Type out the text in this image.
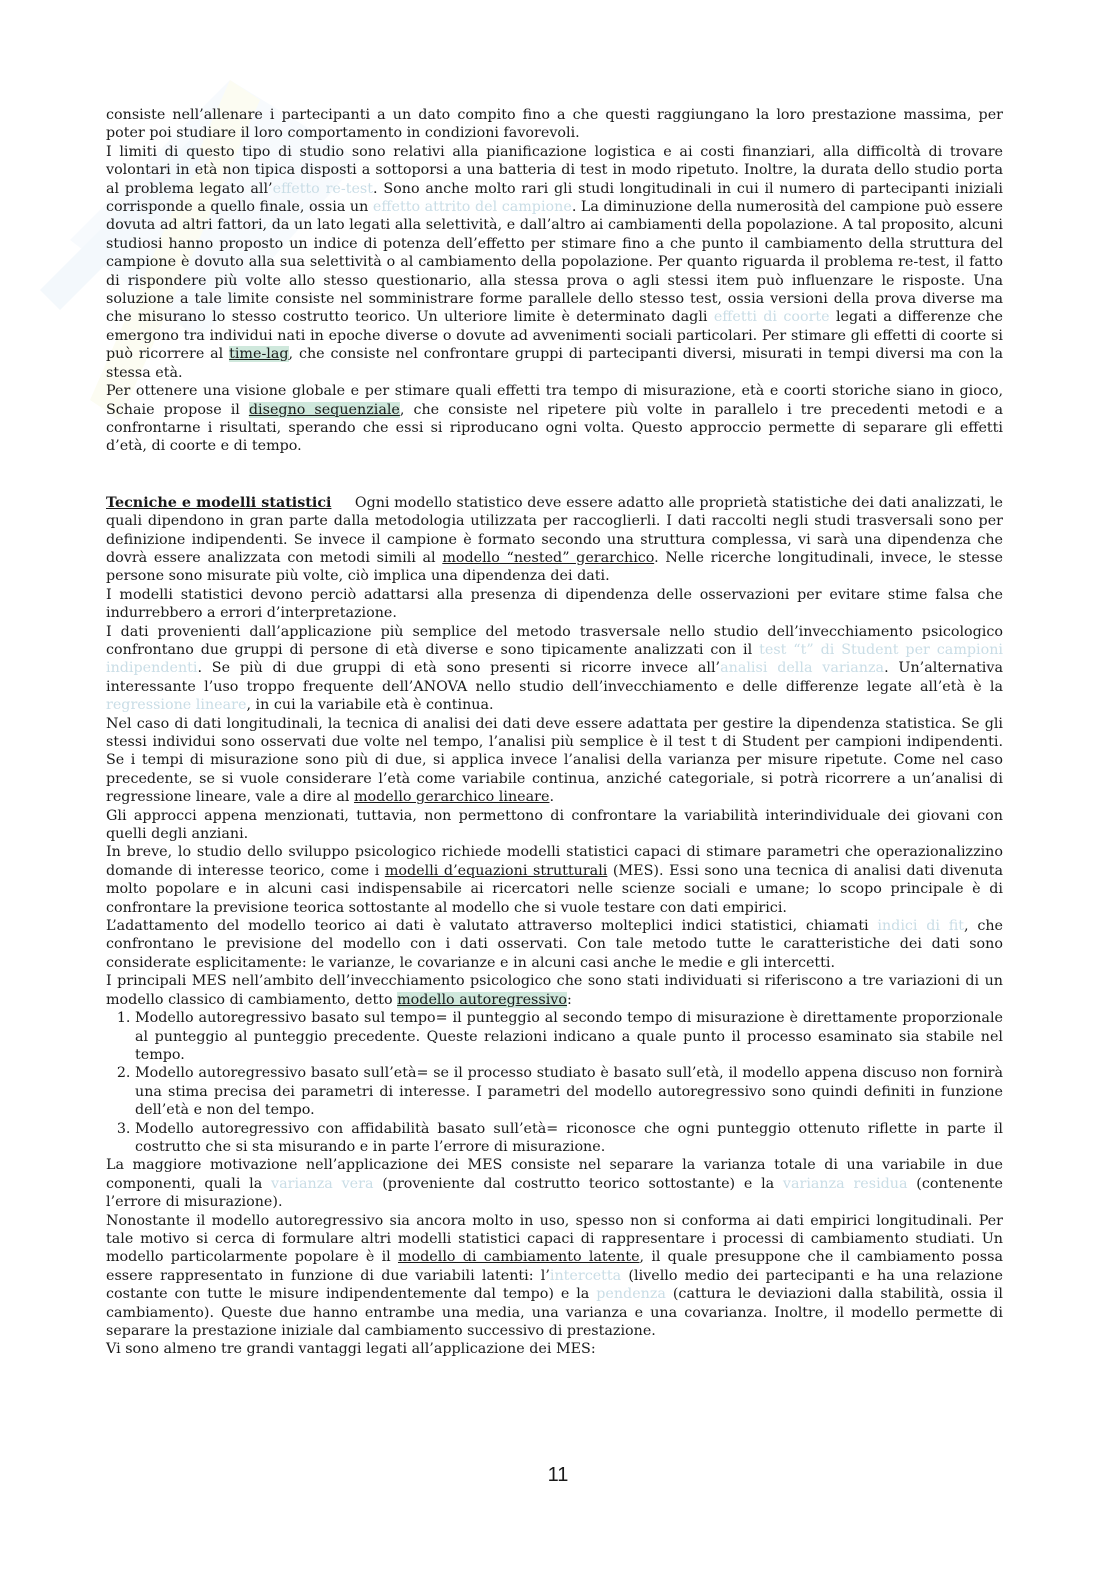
consiste nell’allenare i partecipanti a un dato compito fino a che questi raggiungano la loro prestazione massima, per poter poi studiare il loro comportamento in condizioni favorevoli.

I limiti di questo tipo di studio sono relativi alla pianificazione logistica e ai costi finanziari, alla difficoltà di trovare volontari in età non tipica disposti a sottoporsi a una batteria di test in modo ripetuto. Inoltre, la durata dello studio porta al problema legato all’effetto re-test. Sono anche molto rari gli studi longitudinali in cui il numero di partecipanti iniziali corrisponde a quello finale, ossia un effetto attrito del campione. La diminuzione della numerosità del campione può essere dovuta ad altri fattori, da un lato legati alla selettività, e dall’altro ai cambiamenti della popolazione. A tal proposito, alcuni studiosi hanno proposto un indice di potenza dell’effetto per stimare fino a che punto il cambiamento della struttura del campione è dovuto alla sua selettività o al cambiamento della popolazione. Per quanto riguarda il problema re-test, il fatto di rispondere più volte allo stesso questionario, alla stessa prova o agli stessi item può influenzare le risposte. Una soluzione a tale limite consiste nel somministrare forme parallele dello stesso test, ossia versioni della prova diverse ma che misurano lo stesso costrutto teorico. Un ulteriore limite è determinato dagli effetti di coorte legati a differenze che emergono tra individui nati in epoche diverse o dovute ad avvenimenti sociali particolari. Per stimare gli effetti di coorte si può ricorrere al time-lag, che consiste nel confrontare gruppi di partecipanti diversi, misurati in tempi diversi ma con la stessa età.

Per ottenere una visione globale e per stimare quali effetti tra tempo di misurazione, età e coorti storiche siano in gioco, Schaie propose il disegno sequenziale, che consiste nel ripetere più volte in parallelo i tre precedenti metodi e a confrontarne i risultati, sperando che essi si riproducano ogni volta. Questo approccio permette di separare gli effetti d’età, di coorte e di tempo.

Tecniche e modelli statistici     Ogni modello statistico deve essere adatto alle proprietà statistiche dei dati analizzati, le quali dipendono in gran parte dalla metodologia utilizzata per raccoglierli. I dati raccolti negli studi trasversali sono per definizione indipendenti. Se invece il campione è formato secondo una struttura complessa, vi sarà una dipendenza che dovrà essere analizzata con metodi simili al modello “nested” gerarchico. Nelle ricerche longitudinali, invece, le stesse persone sono misurate più volte, ciò implica una dipendenza dei dati.

I modelli statistici devono perciò adattarsi alla presenza di dipendenza delle osservazioni per evitare stime falsa che indurrebbero a errori d’interpretazione.

I dati provenienti dall’applicazione più semplice del metodo trasversale nello studio dell’invecchiamento psicologico confrontano due gruppi di persone di età diverse e sono tipicamente analizzati con il test “t” di Student per campioni indipendenti. Se più di due gruppi di età sono presenti si ricorre invece all’analisi della varianza. Un’alternativa interessante l’uso troppo frequente dell’ANOVA nello studio dell’invecchiamento e delle differenze legate all’età è la regressione lineare, in cui la variabile età è continua.

Nel caso di dati longitudinali, la tecnica di analisi dei dati deve essere adattata per gestire la dipendenza statistica. Se gli stessi individui sono osservati due volte nel tempo, l’analisi più semplice è il test t di Student per campioni indipendenti. Se i tempi di misurazione sono più di due, si applica invece l’analisi della varianza per misure ripetute. Come nel caso precedente, se si vuole considerare l’età come variabile continua, anziché categoriale, si potrà ricorrere a un’analisi di regressione lineare, vale a dire al modello gerarchico lineare.

Gli approcci appena menzionati, tuttavia, non permettono di confrontare la variabilità interindividuale dei giovani con quelli degli anziani.

In breve, lo studio dello sviluppo psicologico richiede modelli statistici capaci di stimare parametri che operazionalizzino domande di interesse teorico, come i modelli d’equazioni strutturali (MES). Essi sono una tecnica di analisi dati divenuta molto popolare e in alcuni casi indispensabile ai ricercatori nelle scienze sociali e umane; lo scopo principale è di confrontare la previsione teorica sottostante al modello che si vuole testare con dati empirici.

L’adattamento del modello teorico ai dati è valutato attraverso molteplici indici statistici, chiamati indici di fit, che confrontano le previsione del modello con i dati osservati. Con tale metodo tutte le caratteristiche dei dati sono considerate esplicitamente: le varianze, le covarianze e in alcuni casi anche le medie e gli intercetti.

I principali MES nell’ambito dell’invecchiamento psicologico che sono stati individuati si riferiscono a tre variazioni di un modello classico di cambiamento, detto modello autoregressivo:

1. Modello autoregressivo basato sul tempo= il punteggio al secondo tempo di misurazione è direttamente proporzionale al punteggio al punteggio precedente. Queste relazioni indicano a quale punto il processo esaminato sia stabile nel tempo.
2. Modello autoregressivo basato sull’età= se il processo studiato è basato sull’età, il modello appena discuso non fornirà una stima precisa dei parametri di interesse. I parametri del modello autoregressivo sono quindi definiti in funzione dell’età e non del tempo.
3. Modello autoregressivo con affidabilità basato sull’età= riconosce che ogni punteggio ottenuto riflette in parte il costrutto che si sta misurando e in parte l’errore di misurazione.

La maggiore motivazione nell’applicazione dei MES consiste nel separare la varianza totale di una variabile in due componenti, quali la varianza vera (proveniente dal costrutto teorico sottostante) e la varianza residua (contenente l’errore di misurazione).

Nonostante il modello autoregressivo sia ancora molto in uso, spesso non si conforma ai dati empirici longitudinali. Per tale motivo si cerca di formulare altri modelli statistici capaci di rappresentare i processi di cambiamento studiati. Un modello particolarmente popolare è il modello di cambiamento latente, il quale presuppone che il cambiamento possa essere rappresentato in funzione di due variabili latenti: l’intercetta (livello medio dei partecipanti e ha una relazione costante con tutte le misure indipendentemente dal tempo) e la pendenza (cattura le deviazioni dalla stabilità, ossia il cambiamento). Queste due hanno entrambe una media, una varianza e una covarianza. Inoltre, il modello permette di separare la prestazione iniziale dal cambiamento successivo di prestazione.

Vi sono almeno tre grandi vantaggi legati all’applicazione dei MES:

11
